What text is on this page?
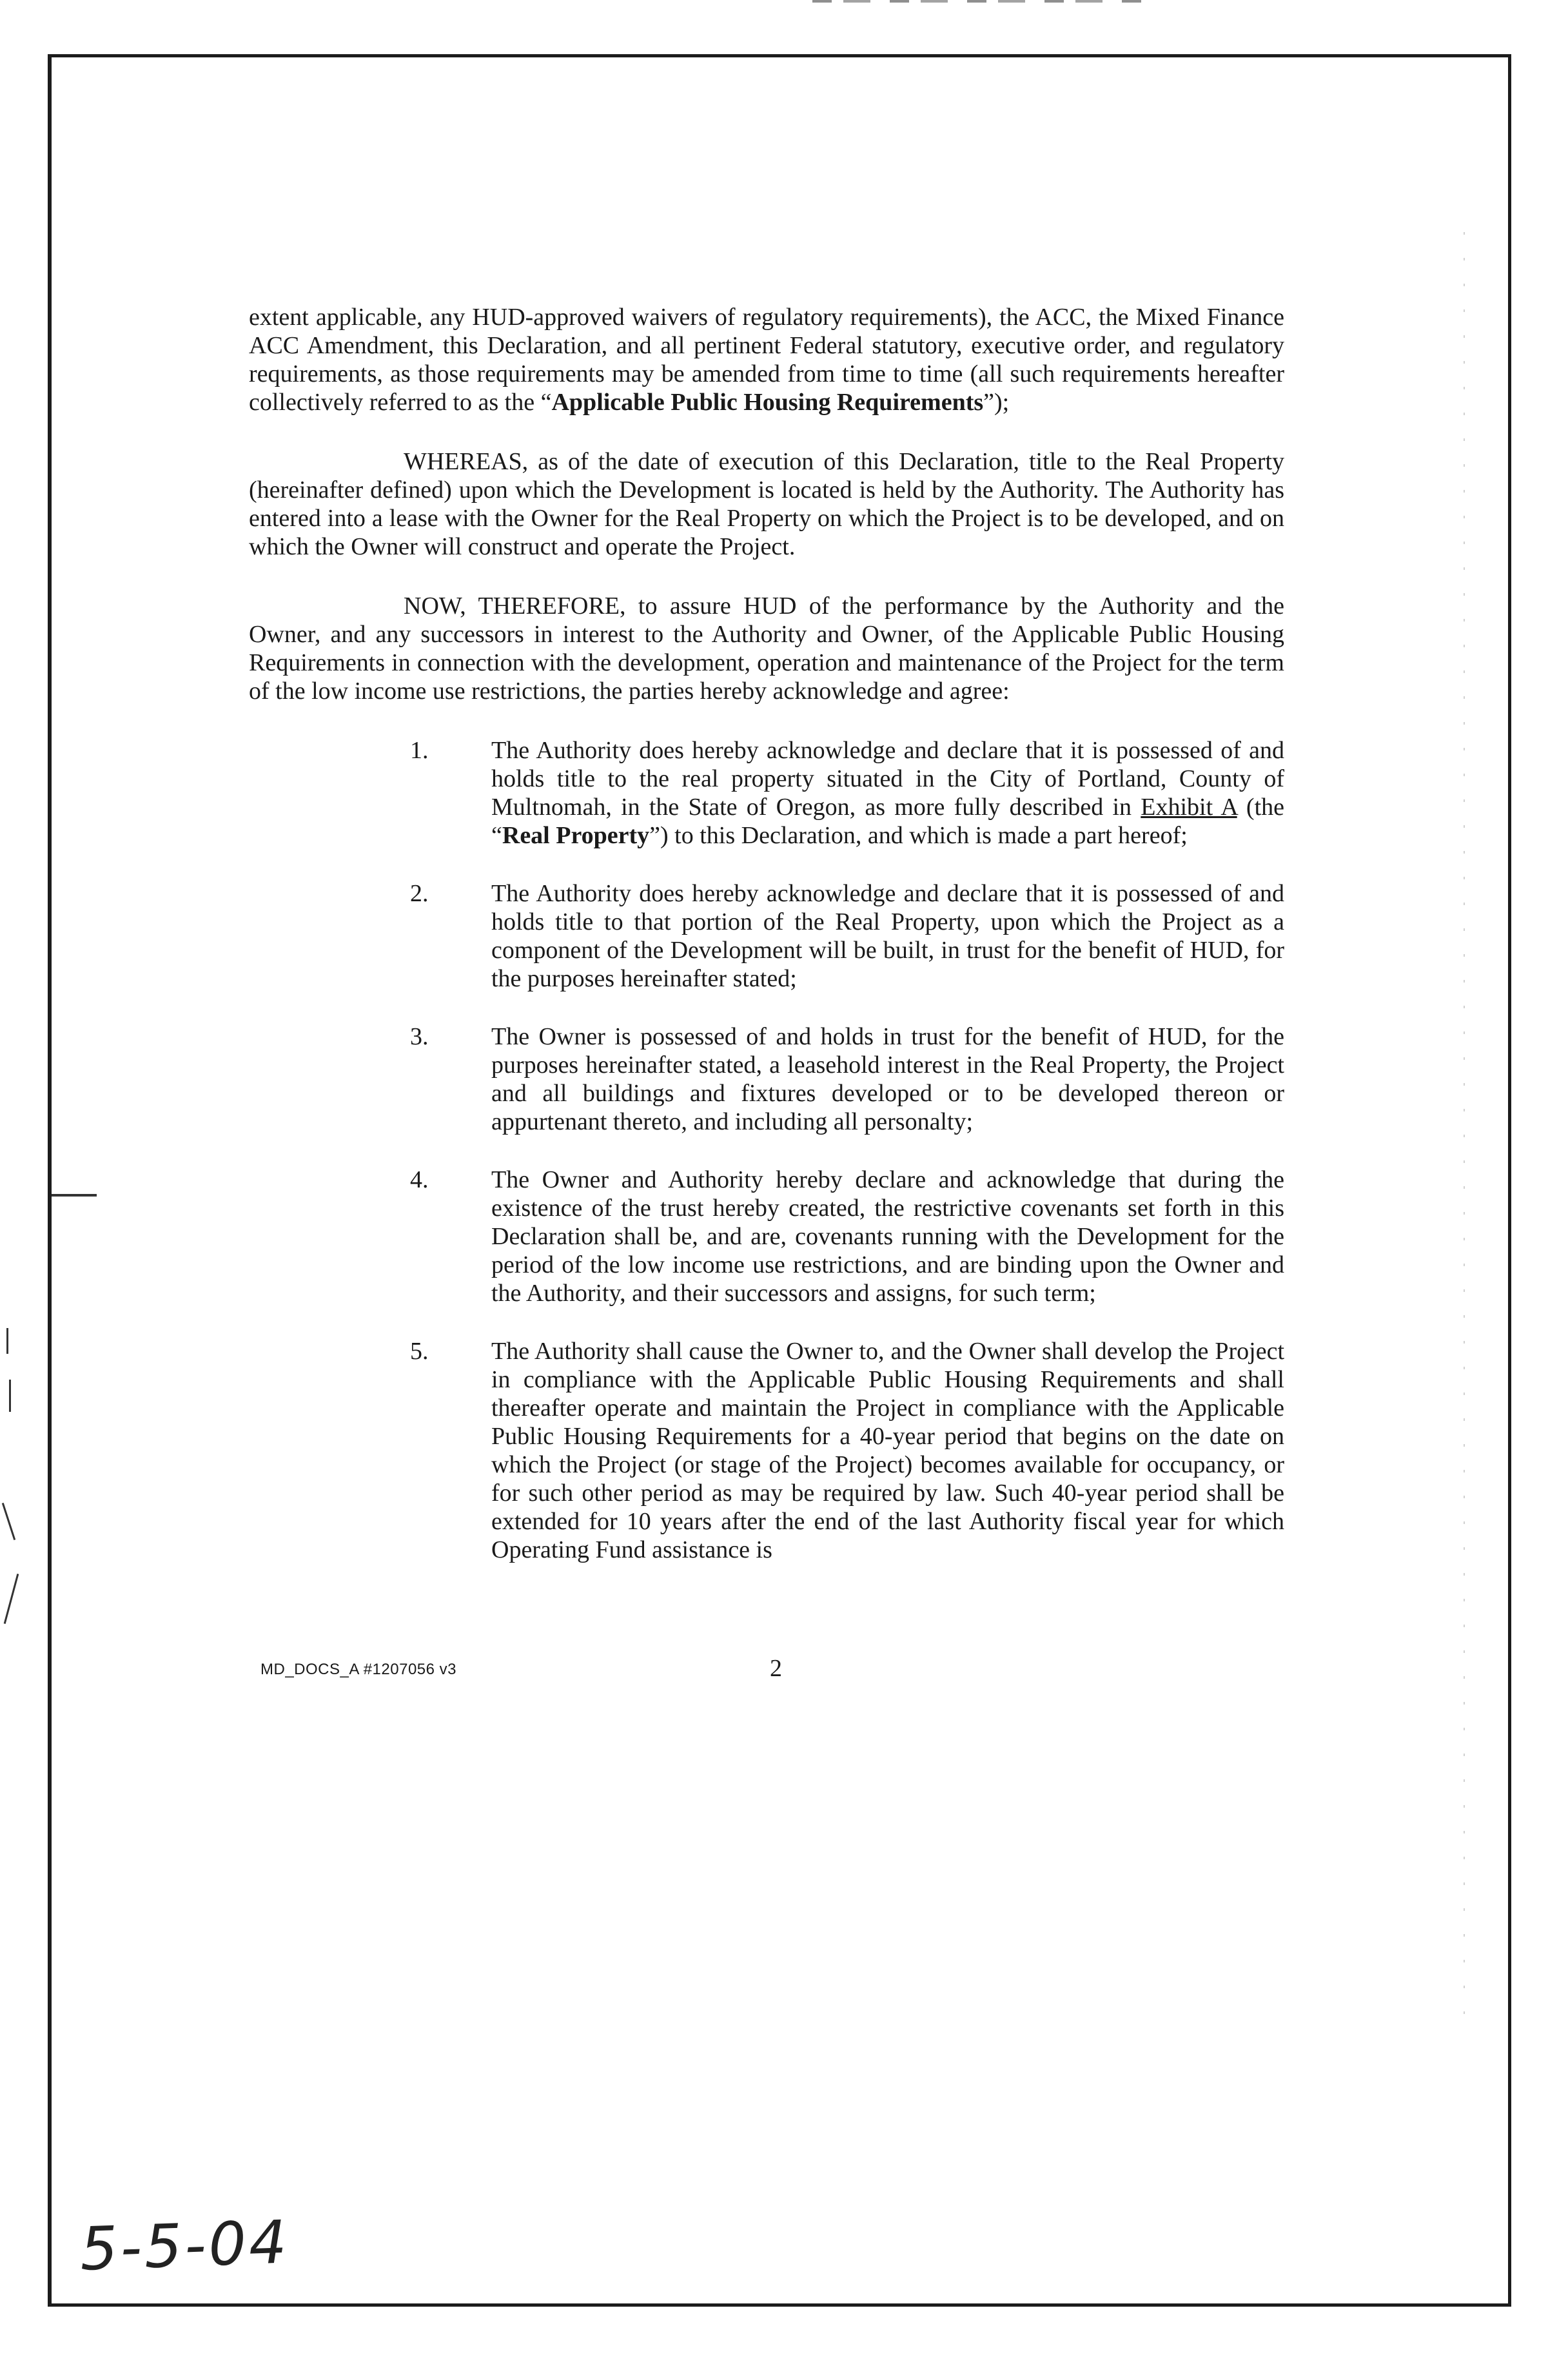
extent applicable, any HUD-approved waivers of regulatory requirements), the ACC, the Mixed Finance ACC Amendment, this Declaration, and all pertinent Federal statutory, executive order, and regulatory requirements, as those requirements may be amended from time to time (all such requirements hereafter collectively referred to as the “Applicable Public Housing Requirements”);

WHEREAS, as of the date of execution of this Declaration, title to the Real Property (hereinafter defined) upon which the Development is located is held by the Authority. The Authority has entered into a lease with the Owner for the Real Property on which the Project is to be developed, and on which the Owner will construct and operate the Project.

NOW, THEREFORE, to assure HUD of the performance by the Authority and the Owner, and any successors in interest to the Authority and Owner, of the Applicable Public Housing Requirements in connection with the development, operation and maintenance of the Project for the term of the low income use restrictions, the parties hereby acknowledge and agree:

1.	The Authority does hereby acknowledge and declare that it is possessed of and holds title to the real property situated in the City of Portland, County of Multnomah, in the State of Oregon, as more fully described in Exhibit A (the “Real Property”) to this Declaration, and which is made a part hereof;
2.	The Authority does hereby acknowledge and declare that it is possessed of and holds title to that portion of the Real Property, upon which the Project as a component of the Development will be built, in trust for the benefit of HUD, for the purposes hereinafter stated;
3.	The Owner is possessed of and holds in trust for the benefit of HUD, for the purposes hereinafter stated, a leasehold interest in the Real Property, the Project and all buildings and fixtures developed or to be developed thereon or appurtenant thereto, and including all personalty;
4.	The Owner and Authority hereby declare and acknowledge that during the existence of the trust hereby created, the restrictive covenants set forth in this Declaration shall be, and are, covenants running with the Development for the period of the low income use restrictions, and are binding upon the Owner and the Authority, and their successors and assigns, for such term;
5.	The Authority shall cause the Owner to, and the Owner shall develop the Project in compliance with the Applicable Public Housing Requirements and shall thereafter operate and maintain the Project in compliance with the Applicable Public Housing Requirements for a 40-year period that begins on the date on which the Project (or stage of the Project) becomes available for occupancy, or for such other period as may be required by law. Such 40-year period shall be extended for 10 years after the end of the last Authority fiscal year for which Operating Fund assistance is
MD_DOCS_A #1207056 v3	2
5-5-04
